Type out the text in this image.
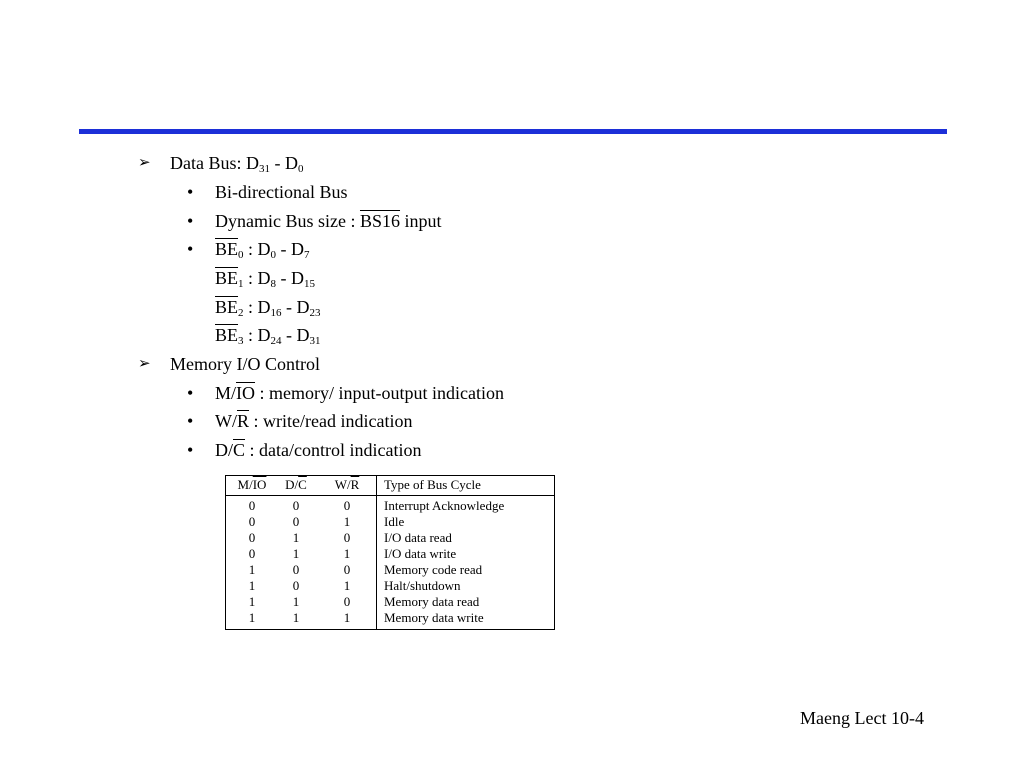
➢ Data Bus: $D_{31} - D_0$
• Bi-directional Bus
• Dynamic Bus size : BS16 input
• $\overline{BE}_0$ : $D_0 - D_7$
$\overline{BE}_1$ : $D_8 - D_{15}$
$\overline{BE}_2$ : $D_{16} - D_{23}$
$\overline{BE}_3$ : $D_{24} - D_{31}$
➢ Memory I/O Control
• $M/\overline{IO}$ : memory/ input-output indication
• $W/\overline{R}$ : write/read indication
• $D/\overline{C}$ : data/control indication
$M/\overline{IO}$	$D/\overline{C}$	$W/\overline{R}$	Type of Bus Cycle
0	0	0	Interrupt Acknowledge
0	0	1	Idle
0	1	0	I/O data read
0	1	1	I/O data write
1	0	0	Memory code read
1	0	1	Halt/shutdown
1	1	0	Memory data read
1	1	1	Memory data write
Maeng Lect 10-4
